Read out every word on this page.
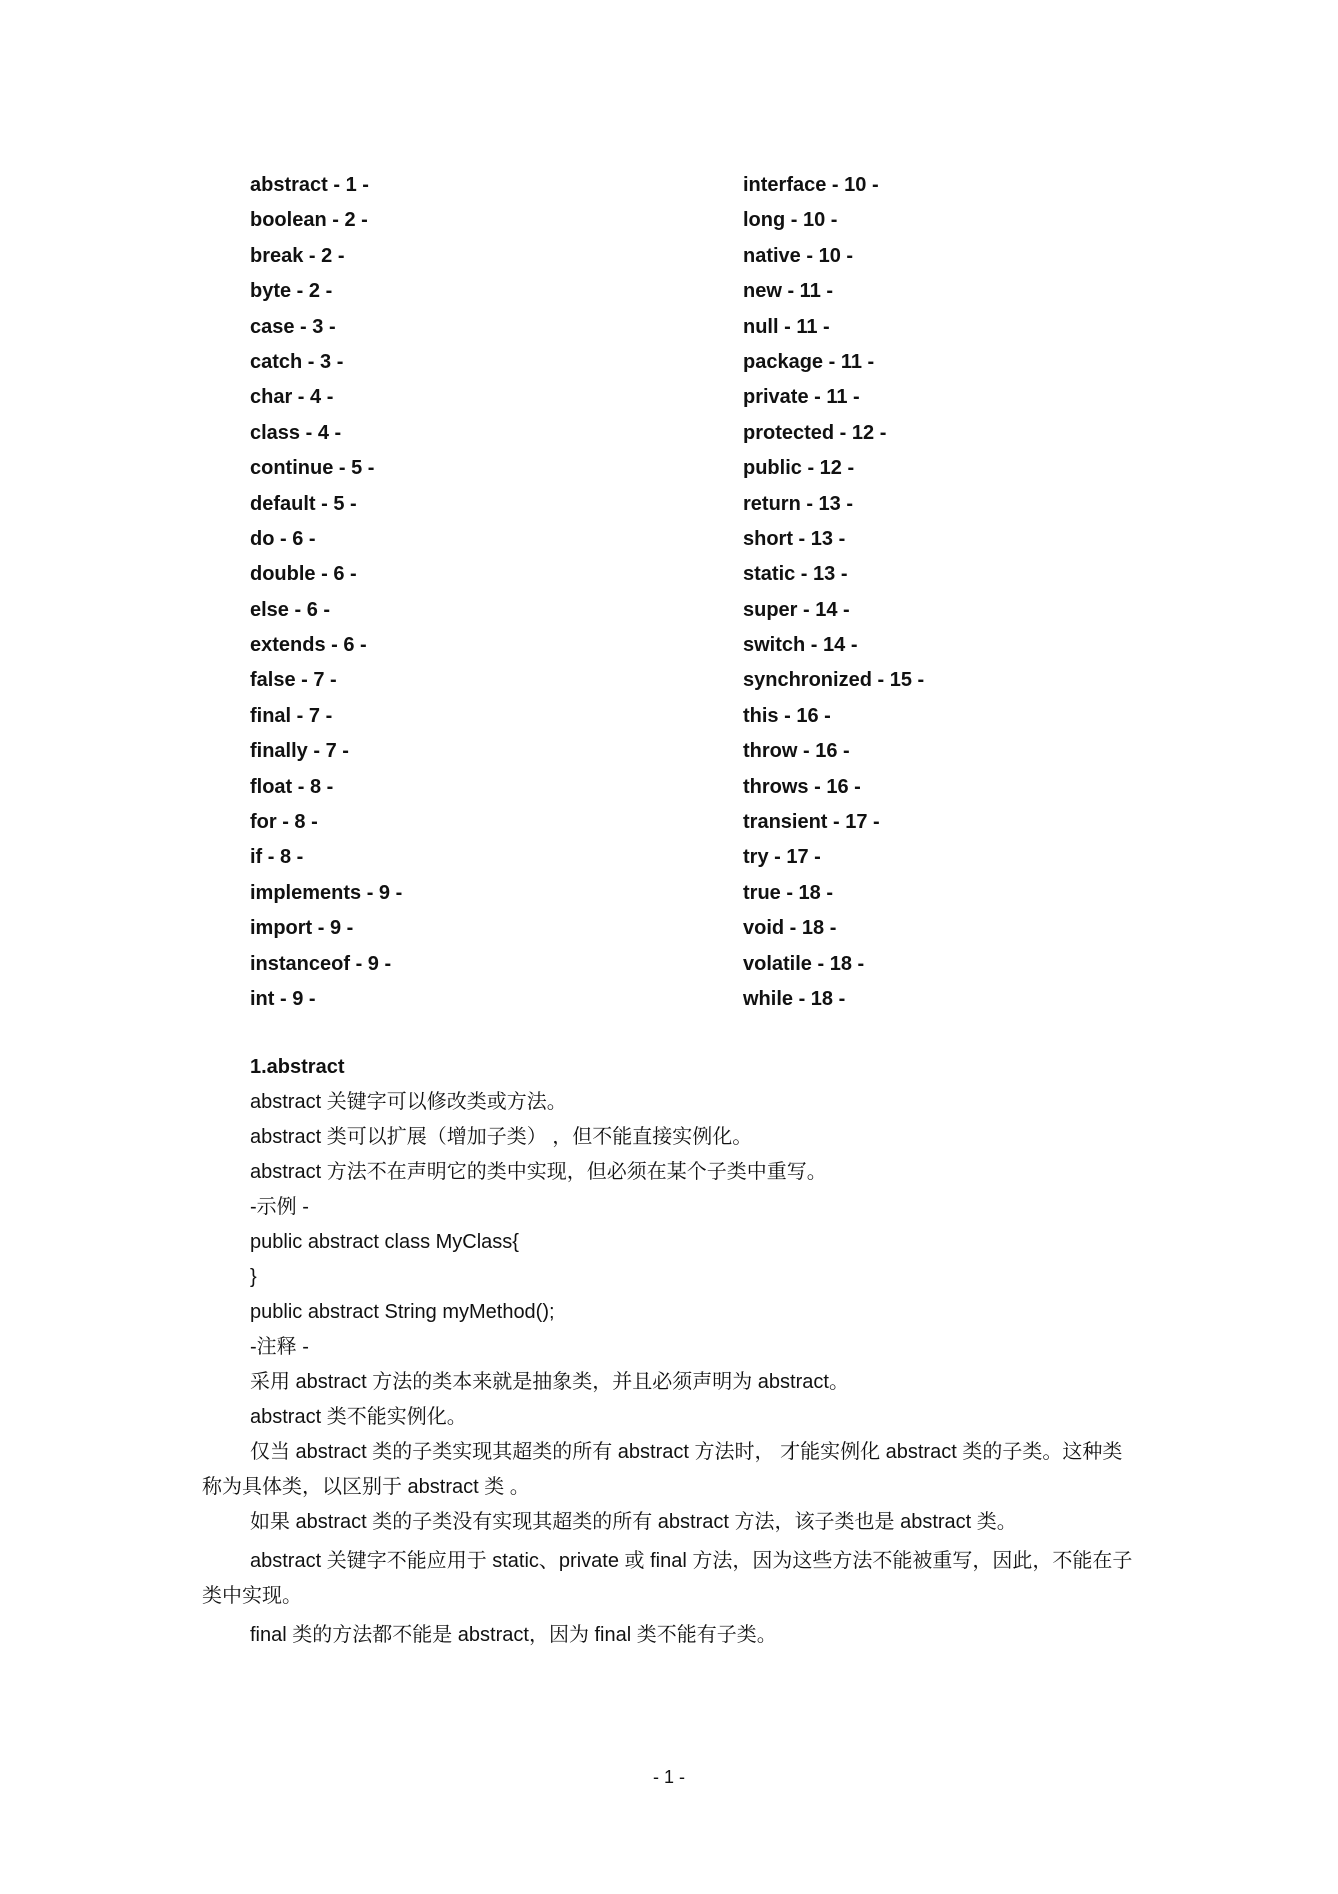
abstract - 1 -
boolean - 2 -
break - 2 -
byte - 2 -
case - 3 -
catch - 3 -
char - 4 -
class - 4 -
continue - 5 -
default - 5 -
do - 6 -
double - 6 -
else - 6 -
extends - 6 -
false - 7 -
final - 7 -
finally - 7 -
float - 8 -
for - 8 -
if - 8 -
implements - 9 -
import - 9 -
instanceof - 9 -
int - 9 -
interface - 10 -
long - 10 -
native - 10 -
new - 11 -
null - 11 -
package - 11 -
private - 11 -
protected - 12 -
public - 12 -
return - 13 -
short - 13 -
static - 13 -
super - 14 -
switch - 14 -
synchronized - 15 -
this - 16 -
throw - 16 -
throws - 16 -
transient - 17 -
try - 17 -
true - 18 -
void - 18 -
volatile - 18 -
while - 18 -
1.abstract
abstract 关键字可以修改类或方法。
abstract 类可以扩展（增加子类） ，但不能直接实例化。
abstract 方法不在声明它的类中实现，但必须在某个子类中重写。
-示例 -
public abstract class MyClass{
}
public abstract String myMethod();
-注释 -
采用 abstract 方法的类本来就是抽象类，并且必须声明为 abstract。
abstract 类不能实例化。

仅当 abstract 类的子类实现其超类的所有 abstract 方法时， 才能实例化 abstract 类的子类。这种类称为具体类，以区别于 abstract 类 。

如果 abstract 类的子类没有实现其超类的所有 abstract 方法，该子类也是 abstract 类。

abstract 关键字不能应用于 static、private 或 final 方法，因为这些方法不能被重写，因此，不能在子类中实现。

final 类的方法都不能是 abstract，因为 final 类不能有子类。

- 1 -
